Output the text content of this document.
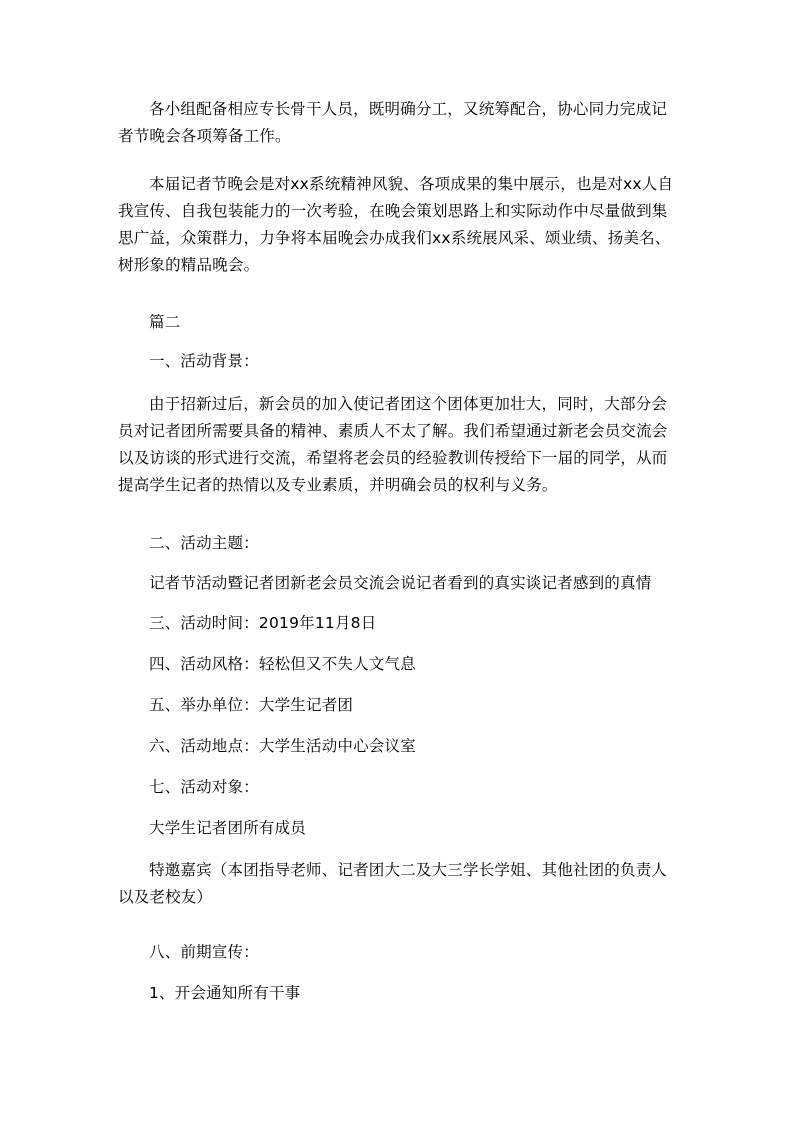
各小组配备相应专长骨干人员，既明确分工，又统筹配合，协心同力完成记者节晚会各项筹备工作。

本届记者节晚会是对xx系统精神风貌、各项成果的集中展示，也是对xx人自我宣传、自我包装能力的一次考验，在晚会策划思路上和实际动作中尽量做到集思广益，众策群力，力争将本届晚会办成我们xx系统展风采、颂业绩、扬美名、树形象的精品晚会。

篇二

一、活动背景：

由于招新过后，新会员的加入使记者团这个团体更加壮大，同时，大部分会员对记者团所需要具备的精神、素质人不太了解。我们希望通过新老会员交流会以及访谈的形式进行交流，希望将老会员的经验教训传授给下一届的同学，从而提高学生记者的热情以及专业素质，并明确会员的权利与义务。

二、活动主题：

记者节活动暨记者团新老会员交流会说记者看到的真实谈记者感到的真情

三、活动时间：2019年11月8日

四、活动风格：轻松但又不失人文气息

五、举办单位：大学生记者团

六、活动地点：大学生活动中心会议室

七、活动对象：

大学生记者团所有成员

特邀嘉宾（本团指导老师、记者团大二及大三学长学姐、其他社团的负责人以及老校友）

八、前期宣传：

1、开会通知所有干事
